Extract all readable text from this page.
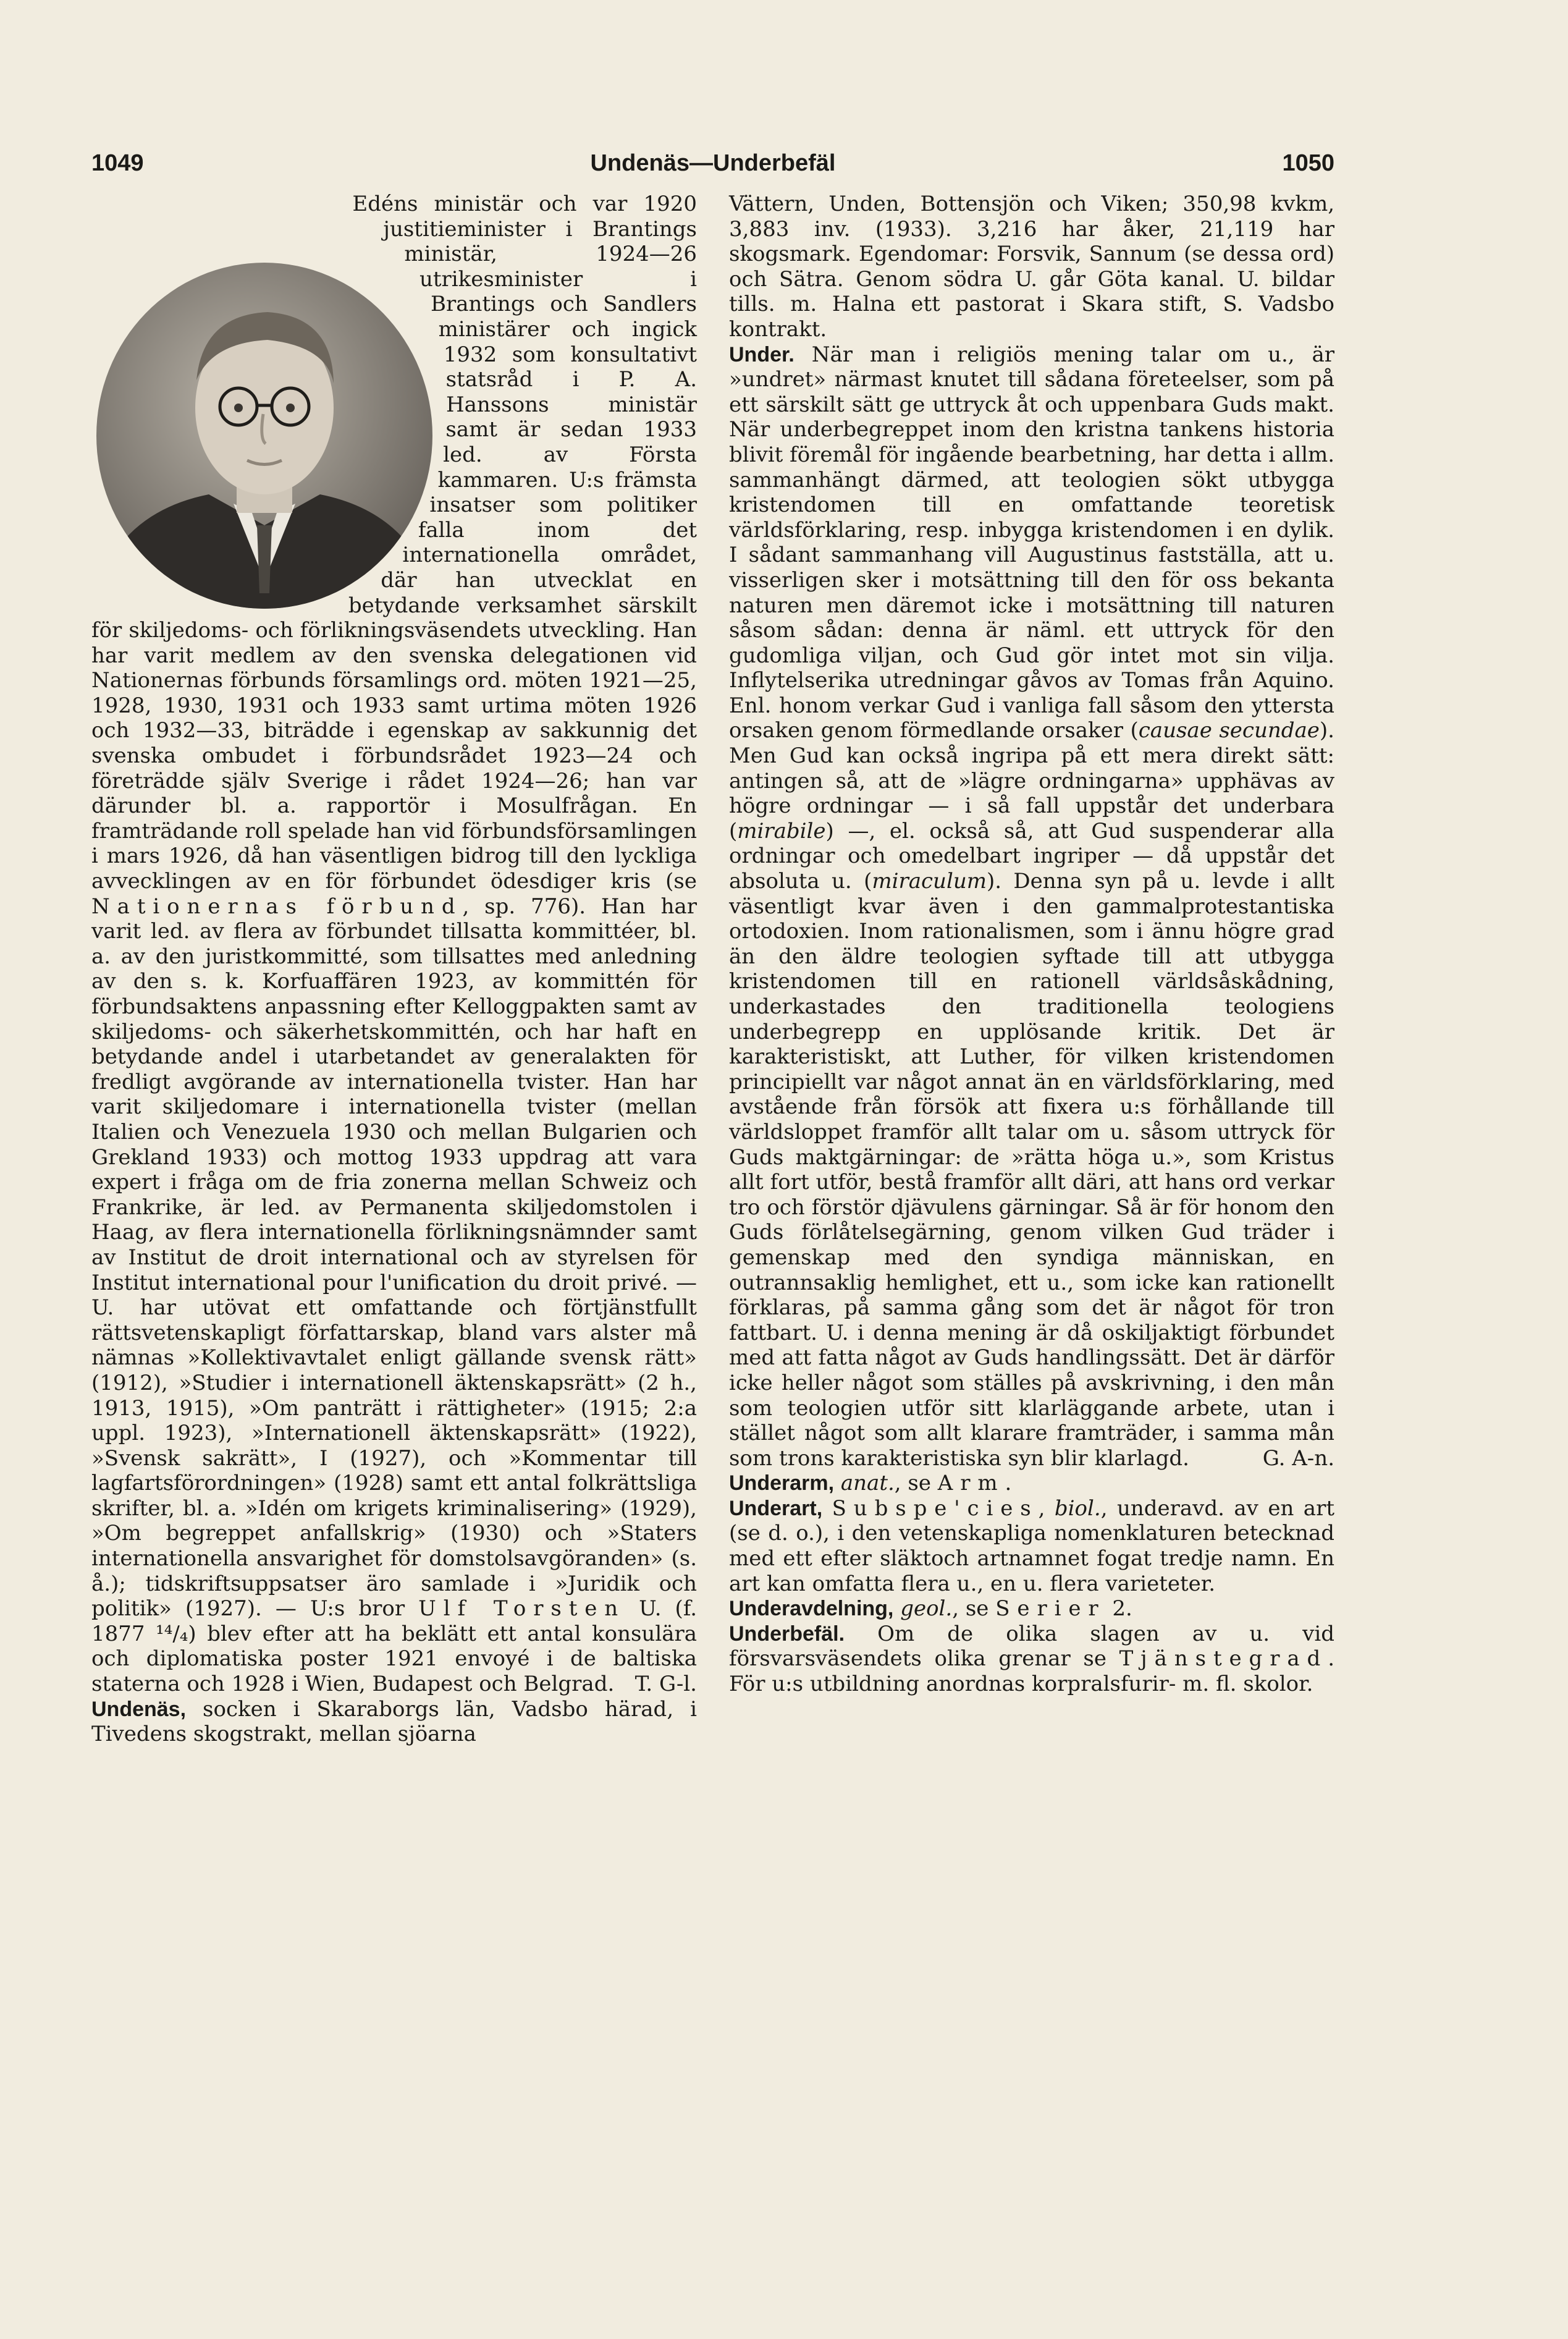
1049	Undenäs—Underbefäl	1050

Edéns ministär och var 1920 justitieminister i Brantings ministär, 1924—26 utrikesminister i Brantings och Sandlers ministärer och ingick 1932 som konsultativt statsråd i P. A. Hanssons ministär samt är sedan 1933 led. av Första kammaren. U:s främsta insatser som politiker falla inom det internationella området, där han utvecklat en betydande verksamhet särskilt för skiljedoms- och förlikningsväsendets utveckling. Han har varit medlem av den svenska delegationen vid Nationernas förbunds församlings ord. möten 1921—25, 1928, 1930, 1931 och 1933 samt urtima möten 1926 och 1932—33, biträdde i egenskap av sakkunnig det svenska ombudet i förbundsrådet 1923—24 och företrädde själv Sverige i rådet 1924—26; han var därunder bl. a. rapportör i Mosulfrågan. En framträdande roll spelade han vid förbundsförsamlingen i mars 1926, då han väsentligen bidrog till den lyckliga avvecklingen av en för förbundet ödesdiger kris (se Nationernas förbund, sp. 776). Han har varit led. av flera av förbundet tillsatta kommittéer, bl. a. av den juristkommitté, som tillsattes med anledning av den s. k. Korfuaffären 1923, av kommittén för förbundsaktens anpassning efter Kelloggpakten samt av skiljedoms- och säkerhetskommittén, och har haft en betydande andel i utarbetandet av generalakten för fredligt avgörande av internationella tvister. Han har varit skiljedomare i internationella tvister (mellan Italien och Venezuela 1930 och mellan Bulgarien och Grekland 1933) och mottog 1933 uppdrag att vara expert i fråga om de fria zonerna mellan Schweiz och Frankrike, är led. av Permanenta skiljedomstolen i Haag, av flera internationella förlikningsnämnder samt av Institut de droit international och av styrelsen för Institut international pour l'unification du droit privé. — U. har utövat ett omfattande och förtjänstfullt rättsvetenskapligt författarskap, bland vars alster må nämnas »Kollektivavtalet enligt gällande svensk rätt» (1912), »Studier i internationell äktenskapsrätt» (2 h., 1913, 1915), »Om panträtt i rättigheter» (1915; 2:a uppl. 1923), »Internationell äktenskapsrätt» (1922), »Svensk sakrätt», I (1927), och »Kommentar till lagfartsförordningen» (1928) samt ett antal folkrättsliga skrifter, bl. a. »Idén om krigets kriminalisering» (1929), »Om begreppet anfallskrig» (1930) och »Staters internationella ansvarighet för domstolsavgöranden» (s. å.); tidskriftsuppsatser äro samlade i »Juridik och politik» (1927). — U:s bror Ulf Torsten U. (f. 1877 ¹⁴/₄) blev efter att ha beklätt ett antal konsulära och diplomatiska poster 1921 envoyé i de baltiska staterna och 1928 i Wien, Budapest och Belgrad. T. G-l.

Undenäs, socken i Skaraborgs län, Vadsbo härad, i Tivedens skogstrakt, mellan sjöarna

Vättern, Unden, Bottensjön och Viken; 350,98 kvkm, 3,883 inv. (1933). 3,216 har åker, 21,119 har skogsmark. Egendomar: Forsvik, Sannum (se dessa ord) och Sätra. Genom södra U. går Göta kanal. U. bildar tills. m. Halna ett pastorat i Skara stift, S. Vadsbo kontrakt.

Under. När man i religiös mening talar om u., är »undret» närmast knutet till sådana företeelser, som på ett särskilt sätt ge uttryck åt och uppenbara Guds makt. När underbegreppet inom den kristna tankens historia blivit föremål för ingående bearbetning, har detta i allm. sammanhängt därmed, att teologien sökt utbygga kristendomen till en omfattande teoretisk världsförklaring, resp. inbygga kristendomen i en dylik. I sådant sammanhang vill Augustinus fastställa, att u. visserligen sker i motsättning till den för oss bekanta naturen men däremot icke i motsättning till naturen såsom sådan: denna är näml. ett uttryck för den gudomliga viljan, och Gud gör intet mot sin vilja. Inflytelserika utredningar gåvos av Tomas från Aquino. Enl. honom verkar Gud i vanliga fall såsom den yttersta orsaken genom förmedlande orsaker (causae secundae). Men Gud kan också ingripa på ett mera direkt sätt: antingen så, att de »lägre ordningarna» upphävas av högre ordningar — i så fall uppstår det underbara (mirabile) —, el. också så, att Gud suspenderar alla ordningar och omedelbart ingriper — då uppstår det absoluta u. (miraculum). Denna syn på u. levde i allt väsentligt kvar även i den gammalprotestantiska ortodoxien. Inom rationalismen, som i ännu högre grad än den äldre teologien syftade till att utbygga kristendomen till en rationell världsåskådning, underkastades den traditionella teologiens underbegrepp en upplösande kritik. Det är karakteristiskt, att Luther, för vilken kristendomen principiellt var något annat än en världsförklaring, med avstående från försök att fixera u:s förhållande till världsloppet framför allt talar om u. såsom uttryck för Guds maktgärningar: de »rätta höga u.», som Kristus allt fort utför, bestå framför allt däri, att hans ord verkar tro och förstör djävulens gärningar. Så är för honom den Guds förlåtelsegärning, genom vilken Gud träder i gemenskap med den syndiga människan, en outrannsaklig hemlighet, ett u., som icke kan rationellt förklaras, på samma gång som det är något för tron fattbart. U. i denna mening är då oskiljaktigt förbundet med att fatta något av Guds handlingssätt. Det är därför icke heller något som ställes på avskrivning, i den mån som teologien utför sitt klarläggande arbete, utan i stället något som allt klarare framträder, i samma mån som trons karakteristiska syn blir klarlagd.	G. A-n.

Underarm, anat., se Arm.

Underart, Subspe'cies, biol., underavd. av en art (se d. o.), i den vetenskapliga nomenklaturen betecknad med ett efter släktoch artnamnet fogat tredje namn. En art kan omfatta flera u., en u. flera varieteter.

Underavdelning, geol., se Serier 2.

Underbefäl. Om de olika slagen av u. vid försvarsväsendets olika grenar se Tjänstegrad. För u:s utbildning anordnas korpralsfurir- m. fl. skolor.
